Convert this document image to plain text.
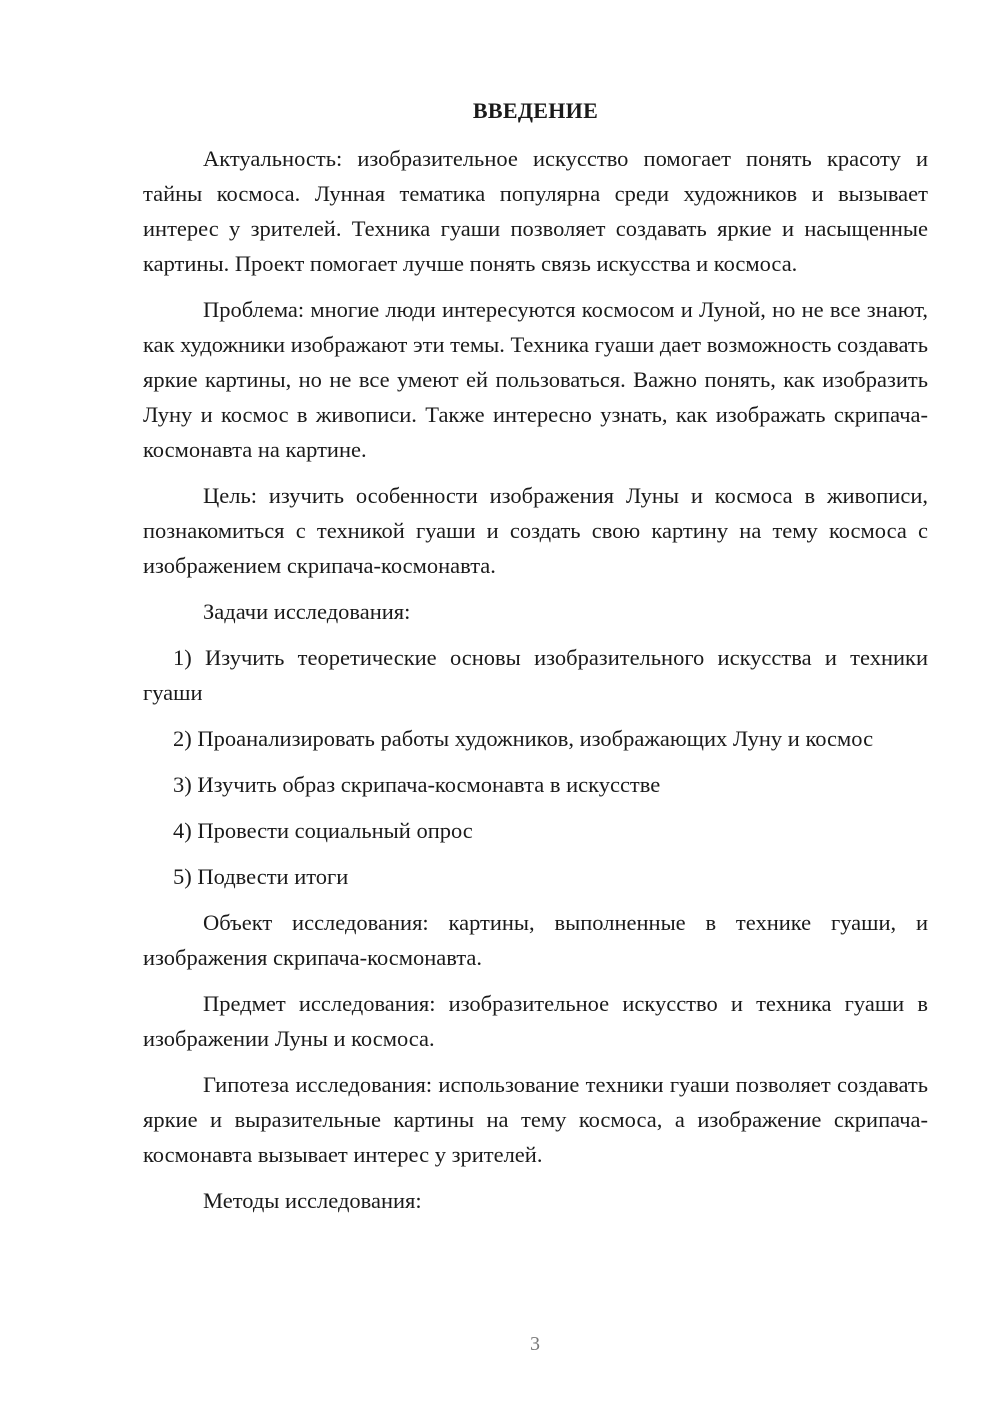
ВВЕДЕНИЕ

Актуальность: изобразительное искусство помогает понять красоту и тайны космоса. Лунная тематика популярна среди художников и вызывает интерес у зрителей. Техника гуаши позволяет создавать яркие и насыщенные картины. Проект помогает лучше понять связь искусства и космоса.

Проблема: многие люди интересуются космосом и Луной, но не все знают, как художники изображают эти темы. Техника гуаши дает возможность создавать яркие картины, но не все умеют ей пользоваться. Важно понять, как изобразить Луну и космос в живописи. Также интересно узнать, как изображать скрипача-космонавта на картине.

Цель: изучить особенности изображения Луны и космоса в живописи, познакомиться с техникой гуаши и создать свою картину на тему космоса с изображением скрипача-космонавта.

Задачи исследования:

1) Изучить теоретические основы изобразительного искусства и техники гуаши

2) Проанализировать работы художников, изображающих Луну и космос

3) Изучить образ скрипача-космонавта в искусстве

4) Провести социальный опрос

5) Подвести итоги

Объект исследования: картины, выполненные в технике гуаши, и изображения скрипача-космонавта.

Предмет исследования: изобразительное искусство и техника гуаши в изображении Луны и космоса.

Гипотеза исследования: использование техники гуаши позволяет создавать яркие и выразительные картины на тему космоса, а изображение скрипача-космонавта вызывает интерес у зрителей.

Методы исследования:

3
